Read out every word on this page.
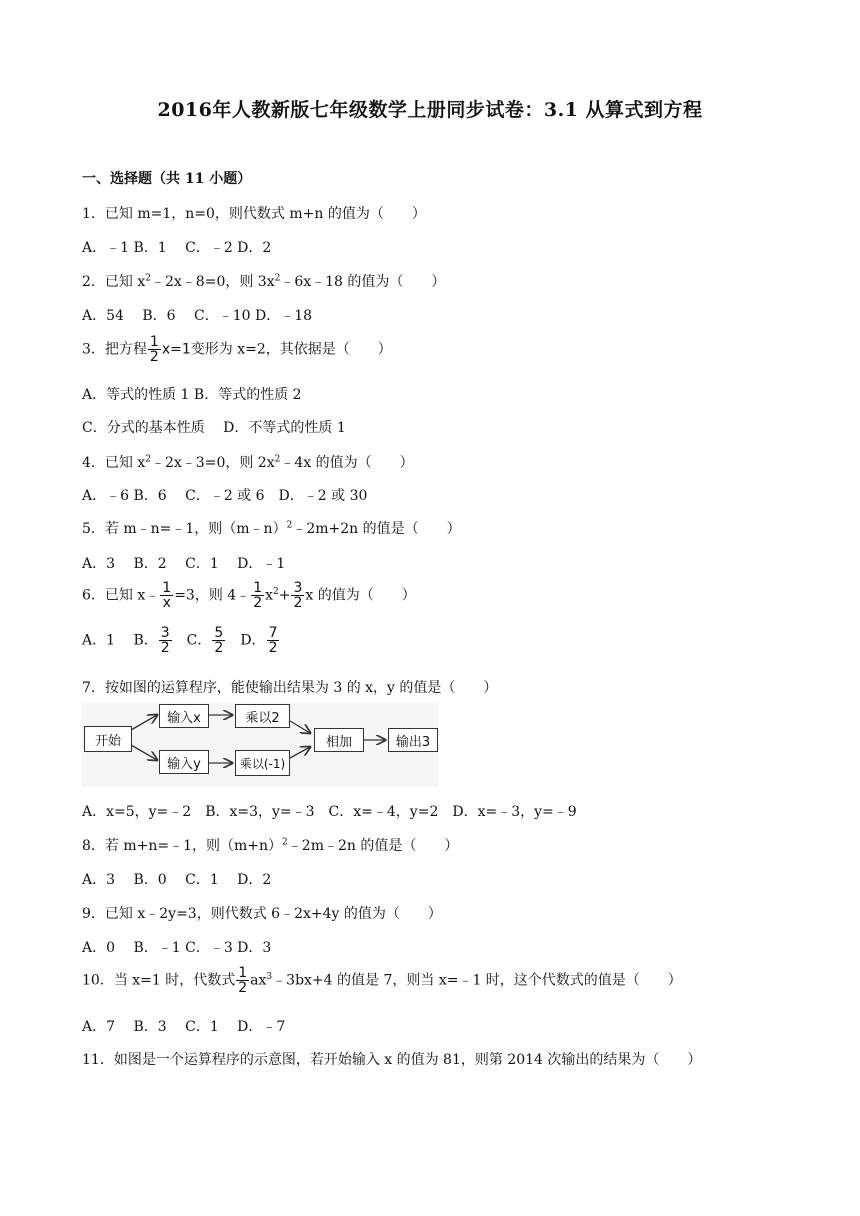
2016年人教新版七年级数学上册同步试卷：3.1 从算式到方程
一、选择题（共 11 小题）
1．已知 m=1，n=0，则代数式 m+n 的值为（　　）
A．﹣1 B．1　 C．﹣2 D．2
2．已知 $x^2﹣2x﹣8=0$，则 $3x^2﹣6x﹣18$ 的值为（　　）
A．54　 B．6　 C．﹣10 D．﹣18
3．把方程 $\frac{1}{2} x=1$变形为 x=2，其依据是（　　）
A．等式的性质 1 B．等式的性质 2
C．分式的基本性质　 D．不等式的性质 1
4．已知 $x^2﹣2x﹣3=0$，则 $2x^2﹣4x$ 的值为（　　）
A．﹣6 B．6　 C．﹣2 或 6　D．﹣2 或 30
5．若 m﹣n=﹣1，则（m﹣n）$^2$﹣2m+2n 的值是（　　）
A．3　 B．2　 C．1　 D．﹣1
6．已知 x﹣ $\frac{1}{x} =3$，则 4﹣ $\frac{1}{2} x^2+ \frac{3}{2}$ x 的值为（　　）
A．1　 B． $\frac{3}{2}$ 　C． $\frac{5}{2}$ 　D． $\frac{7}{2}$
7．按如图的运算程序，能使输出结果为 3 的 x，y 的值是（　　）
开始
输入x	乘以2
输入y	乘以(-1)
相加	输出3
A．x=5，y=﹣2　B．x=3，y=﹣3　C．x=﹣4，y=2　D．x=﹣3，y=﹣9
8．若 m+n=﹣1，则$(m+n)^2﹣2m﹣2n$ 的值是（　　）
A．3　 B．0　 C．1　 D．2
9．已知 x﹣2y=3，则代数式 6﹣2x+4y 的值为（　　）
A．0　 B．﹣1 C．﹣3 D．3
10．当 x=1 时，代数式 $\frac{1}{2}$ $ax^3﹣3bx+4$ 的值是 7，则当 x=﹣1 时，这个代数式的值是（　　）
A．7　 B．3　 C．1　 D．﹣7
11．如图是一个运算程序的示意图，若开始输入 x 的值为 81，则第 2014 次输出的结果为（　　）
